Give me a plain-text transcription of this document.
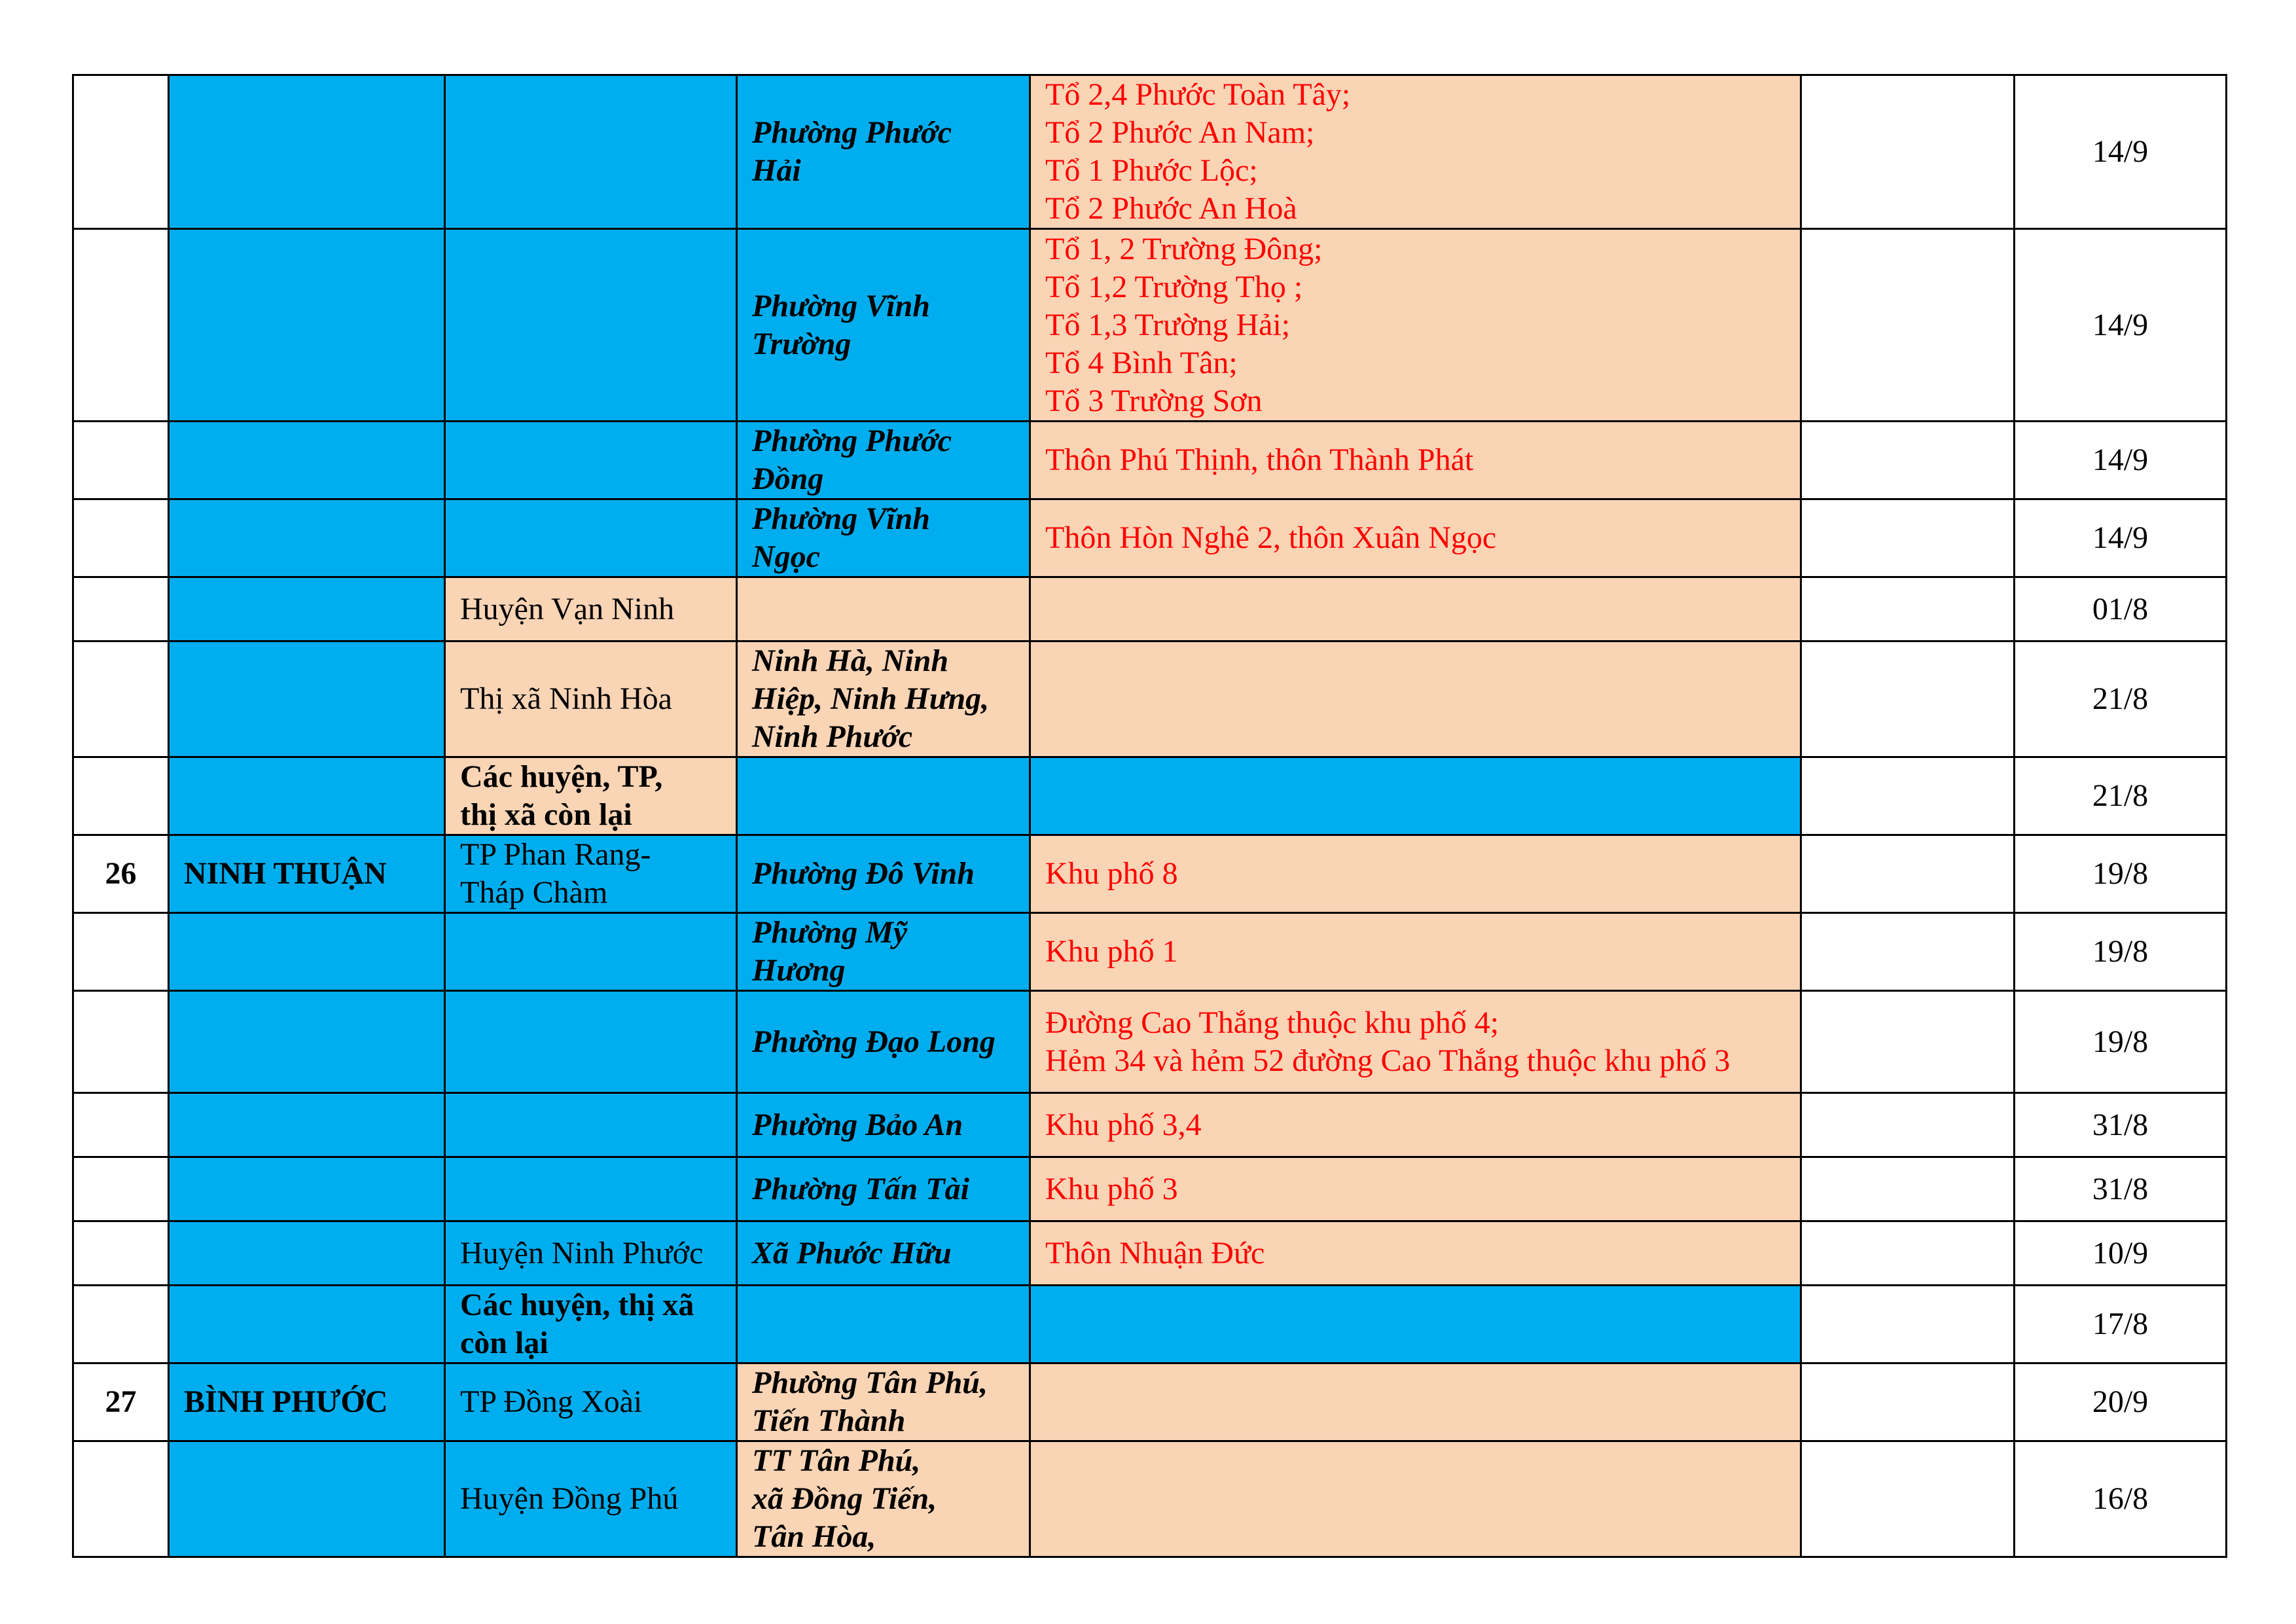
			Phường Phước
Hải	Tổ 2,4 Phước Toàn Tây;
Tổ 2 Phước An Nam;
Tổ 1 Phước Lộc;
Tổ 2 Phước An Hoà		14/9

			Phường Vĩnh
Trường	Tổ 1, 2 Trường Đông;
Tổ 1,2 Trường Thọ ;
Tổ 1,3 Trường Hải;
Tổ 4 Bình Tân;
Tổ 3 Trường Sơn		14/9

			Phường Phước
Đồng	Thôn Phú Thịnh, thôn Thành Phát		14/9

			Phường Vĩnh
Ngọc	Thôn Hòn Nghê 2, thôn Xuân Ngọc		14/9

		Huyện Vạn Ninh				01/8

		Thị xã Ninh Hòa	Ninh Hà, Ninh
Hiệp, Ninh Hưng,
Ninh Phước			21/8

		Các huyện, TP,
thị xã còn lại				21/8
26	NINH THUẬN	TP Phan Rang-
Tháp Chàm	Phường Đô Vinh	Khu phố 8		19/8

			Phường Mỹ
Hương	Khu phố 1		19/8

			Phường Đạo Long	Đường Cao Thắng thuộc khu phố 4;
Hẻm 34 và hẻm 52 đường Cao Thắng thuộc khu phố 3		19/8

			Phường Bảo An	Khu phố 3,4		31/8

			Phường Tấn Tài	Khu phố 3		31/8

		Huyện Ninh Phước	Xã Phước Hữu	Thôn Nhuận Đức		10/9

		Các huyện, thị xã
còn lại				17/8
27	BÌNH PHƯỚC	TP Đồng Xoài	Phường Tân Phú,
Tiến Thành			20/9

		Huyện Đồng Phú	TT Tân Phú,
xã Đồng Tiến,
Tân Hòa,			16/8
